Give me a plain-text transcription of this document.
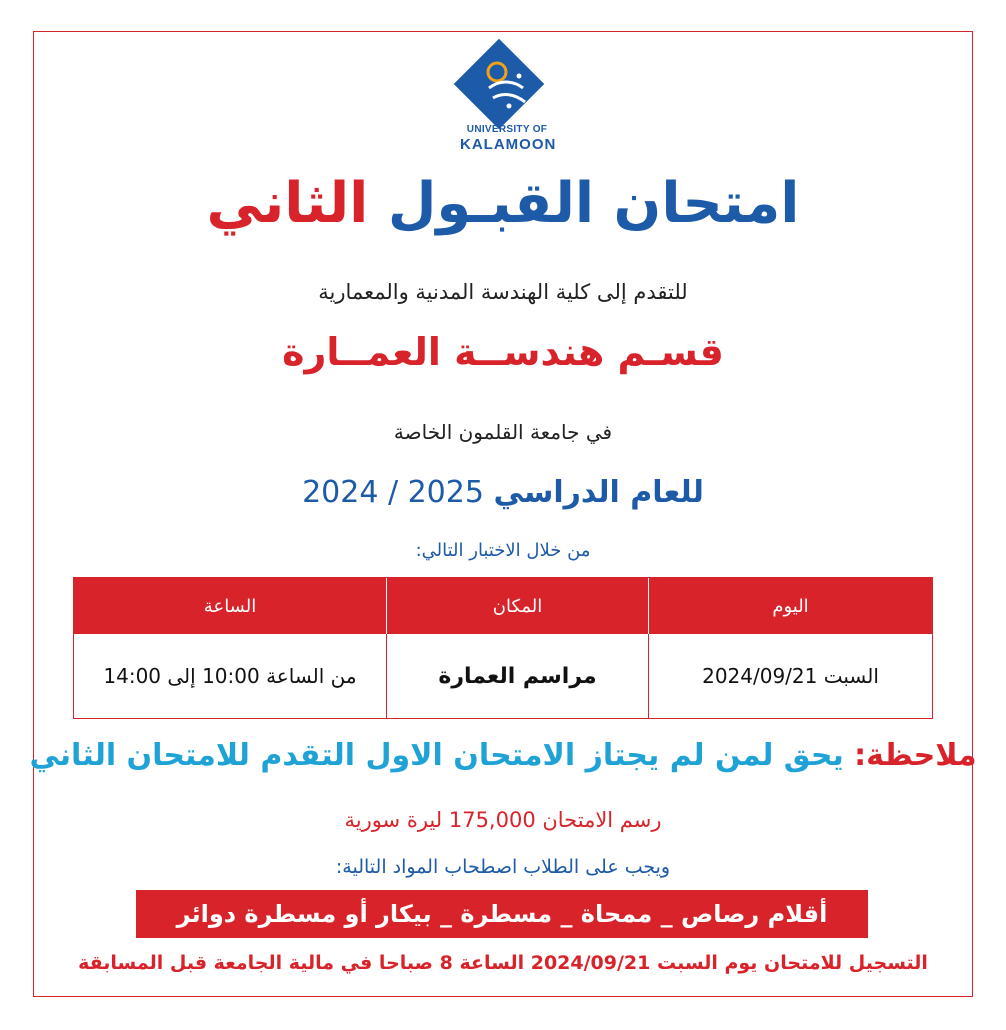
UNIVERSITY OF
KALAMOON
امتحان القبـول الثاني
للتقدم إلى كلية الهندسة المدنية والمعمارية
قسـم هندســة العمــارة
في جامعة القلمون الخاصة
للعام الدراسي 2024 / 2025
من خلال الاختبار التالي:
اليوم
المكان
الساعة
السبت 2024/09/21
مراسم العمارة
من الساعة 10:00 إلى 14:00
ملاحظة: يحق لمن لم يجتاز الامتحان الاول التقدم للامتحان الثاني
رسم الامتحان 175,000 ليرة سورية
ويجب على الطلاب اصطحاب المواد التالية:
أقلام رصاص _ ممحاة _ مسطرة _ بيكار أو مسطرة دوائر
التسجيل للامتحان يوم السبت 2024/09/21 الساعة 8 صباحا في مالية الجامعة قبل المسابقة
